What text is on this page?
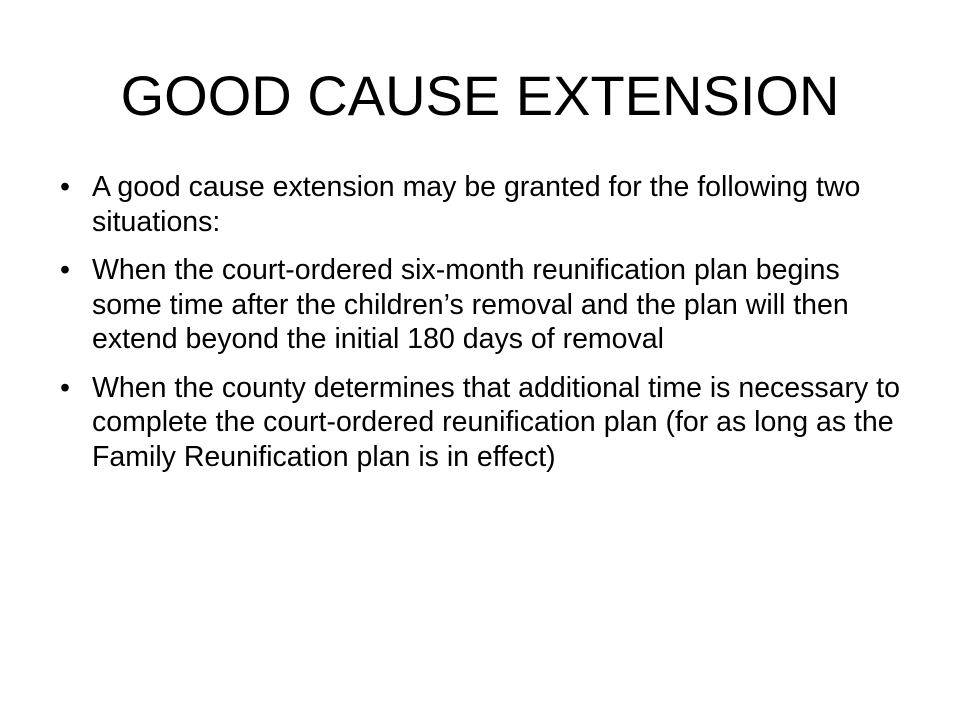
GOOD CAUSE EXTENSION
• A good cause extension may be granted for the following two situations:
• When the court-ordered six-month reunification plan begins some time after the children’s removal and the plan will then extend beyond the initial 180 days of removal
• When the county determines that additional time is necessary to complete the court-ordered reunification plan (for as long as the Family Reunification plan is in effect)
